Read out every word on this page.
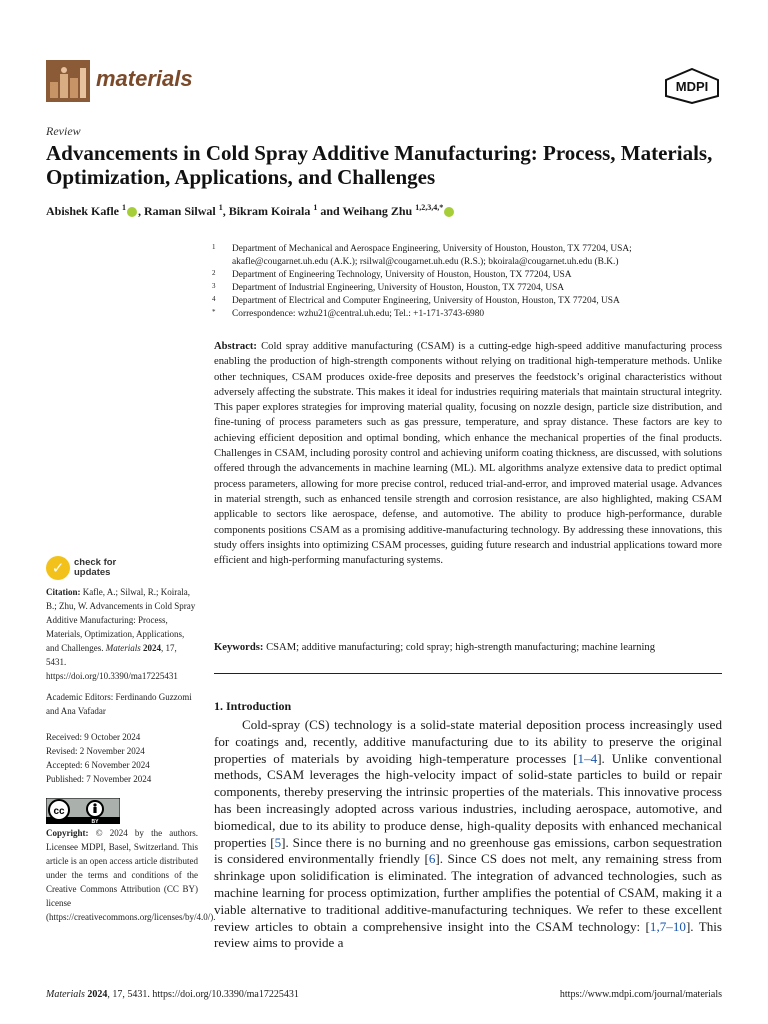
materials	MDPI
Review
Advancements in Cold Spray Additive Manufacturing: Process, Materials, Optimization, Applications, and Challenges
Abishek Kafle $^1$ , Raman Silwal $^1$, Bikram Koirala $^1$ and Weihang Zhu $^{1,2,3,4,*}$
1 Department of Mechanical and Aerospace Engineering, University of Houston, Houston, TX 77204, USA; akafle@cougarnet.uh.edu (A.K.); rsilwal@cougarnet.uh.edu (R.S.); bkoirala@cougarnet.uh.edu (B.K.)
2 Department of Engineering Technology, University of Houston, Houston, TX 77204, USA
3 Department of Industrial Engineering, University of Houston, Houston, TX 77204, USA
4 Department of Electrical and Computer Engineering, University of Houston, Houston, TX 77204, USA
* Correspondence: wzhu21@central.uh.edu; Tel.: +1-171-3743-6980
Abstract: Cold spray additive manufacturing (CSAM) is a cutting-edge high-speed additive manufacturing process enabling the production of high-strength components without relying on traditional high-temperature methods. Unlike other techniques, CSAM produces oxide-free deposits and preserves the feedstock’s original characteristics without adversely affecting the substrate. This makes it ideal for industries requiring materials that maintain structural integrity. This paper explores strategies for improving material quality, focusing on nozzle design, particle size distribution, and fine-tuning of process parameters such as gas pressure, temperature, and spray distance. These factors are key to achieving efficient deposition and optimal bonding, which enhance the mechanical properties of the final products. Challenges in CSAM, including porosity control and achieving uniform coating thickness, are discussed, with solutions offered through the advancements in machine learning (ML). ML algorithms analyze extensive data to predict optimal process parameters, allowing for more precise control, reduced trial-and-error, and improved material usage. Advances in material strength, such as enhanced tensile strength and corrosion resistance, are also highlighted, making CSAM applicable to sectors like aerospace, defense, and automotive. The ability to produce high-performance, durable components positions CSAM as a promising additive-manufacturing technology. By addressing these innovations, this study offers insights into optimizing CSAM processes, guiding future research and industrial applications toward more efficient and high-performing manufacturing systems.
Keywords: CSAM; additive manufacturing; cold spray; high-strength manufacturing; machine learning
1. Introduction
Cold-spray (CS) technology is a solid-state material deposition process increasingly used for coatings and, recently, additive manufacturing due to its ability to preserve the original properties of materials by avoiding high-temperature processes [1–4]. Unlike conventional methods, CSAM leverages the high-velocity impact of solid-state particles to build or repair components, thereby preserving the intrinsic properties of the materials. This innovative process has been increasingly adopted across various industries, including aerospace, automotive, and biomedical, due to its ability to produce dense, high-quality deposits with enhanced mechanical properties [5]. Since there is no burning and no greenhouse gas emissions, carbon sequestration is considered environmentally friendly [6]. Since CS does not melt, any remaining stress from shrinkage upon solidification is eliminated. The integration of advanced technologies, such as machine learning for process optimization, further amplifies the potential of CSAM, making it a viable alternative to traditional additive-manufacturing techniques. We refer to these excellent review articles to obtain a comprehensive insight into the CSAM technology: [1,7–10]. This review aims to provide a
✓	check for
updates
Citation: Kafle, A.; Silwal, R.; Koirala, B.; Zhu, W. Advancements in Cold Spray Additive Manufacturing: Process, Materials, Optimization, Applications, and Challenges. Materials 2024, 17, 5431. https://doi.org/10.3390/ma17225431
Academic Editors: Ferdinando Guzzomi and Ana Vafadar
Received: 9 October 2024
Revised: 2 November 2024
Accepted: 6 November 2024
Published: 7 November 2024
cc
BY
Copyright: © 2024 by the authors. Licensee MDPI, Basel, Switzerland. This article is an open access article distributed under the terms and conditions of the Creative Commons Attribution (CC BY) license (https://creativecommons.org/licenses/by/4.0/).
Materials 2024, 17, 5431. https://doi.org/10.3390/ma17225431	https://www.mdpi.com/journal/materials
